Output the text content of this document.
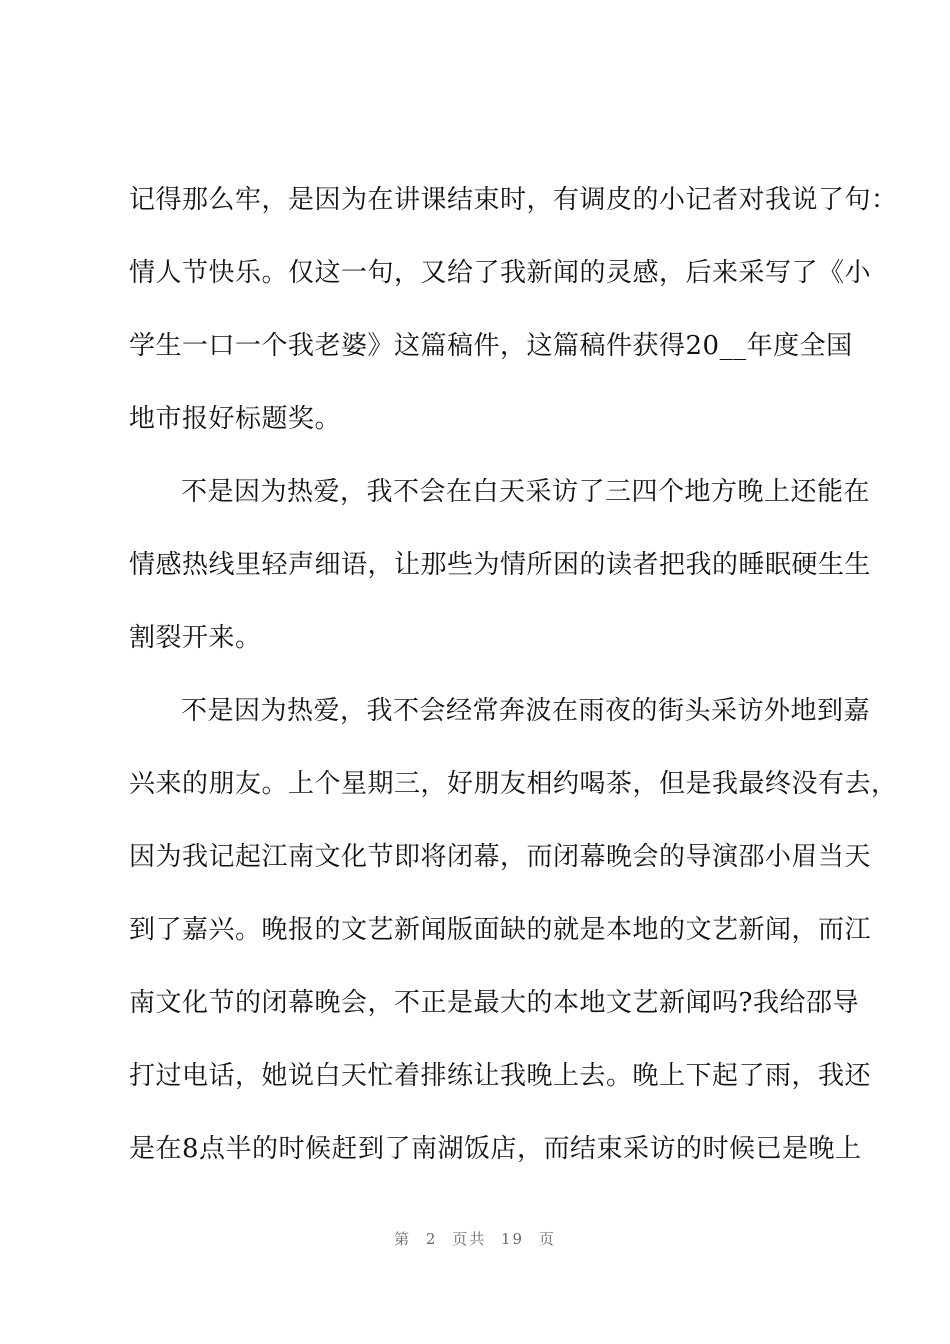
记得那么牢，是因为在讲课结束时，有调皮的小记者对我说了句：
情人节快乐。仅这一句，又给了我新闻的灵感，后来采写了《小
学生一口一个我老婆》这篇稿件，这篇稿件获得20__年度全国
地市报好标题奖。
不是因为热爱，我不会在白天采访了三四个地方晚上还能在
情感热线里轻声细语，让那些为情所困的读者把我的睡眠硬生生
割裂开来。
不是因为热爱，我不会经常奔波在雨夜的街头采访外地到嘉
兴来的朋友。上个星期三，好朋友相约喝茶，但是我最终没有去，
因为我记起江南文化节即将闭幕，而闭幕晚会的导演邵小眉当天
到了嘉兴。晚报的文艺新闻版面缺的就是本地的文艺新闻，而江
南文化节的闭幕晚会，不正是最大的本地文艺新闻吗?我给邵导
打过电话，她说白天忙着排练让我晚上去。晚上下起了雨，我还
是在8点半的时候赶到了南湖饭店，而结束采访的时候已是晚上
第 2 页共 19 页
